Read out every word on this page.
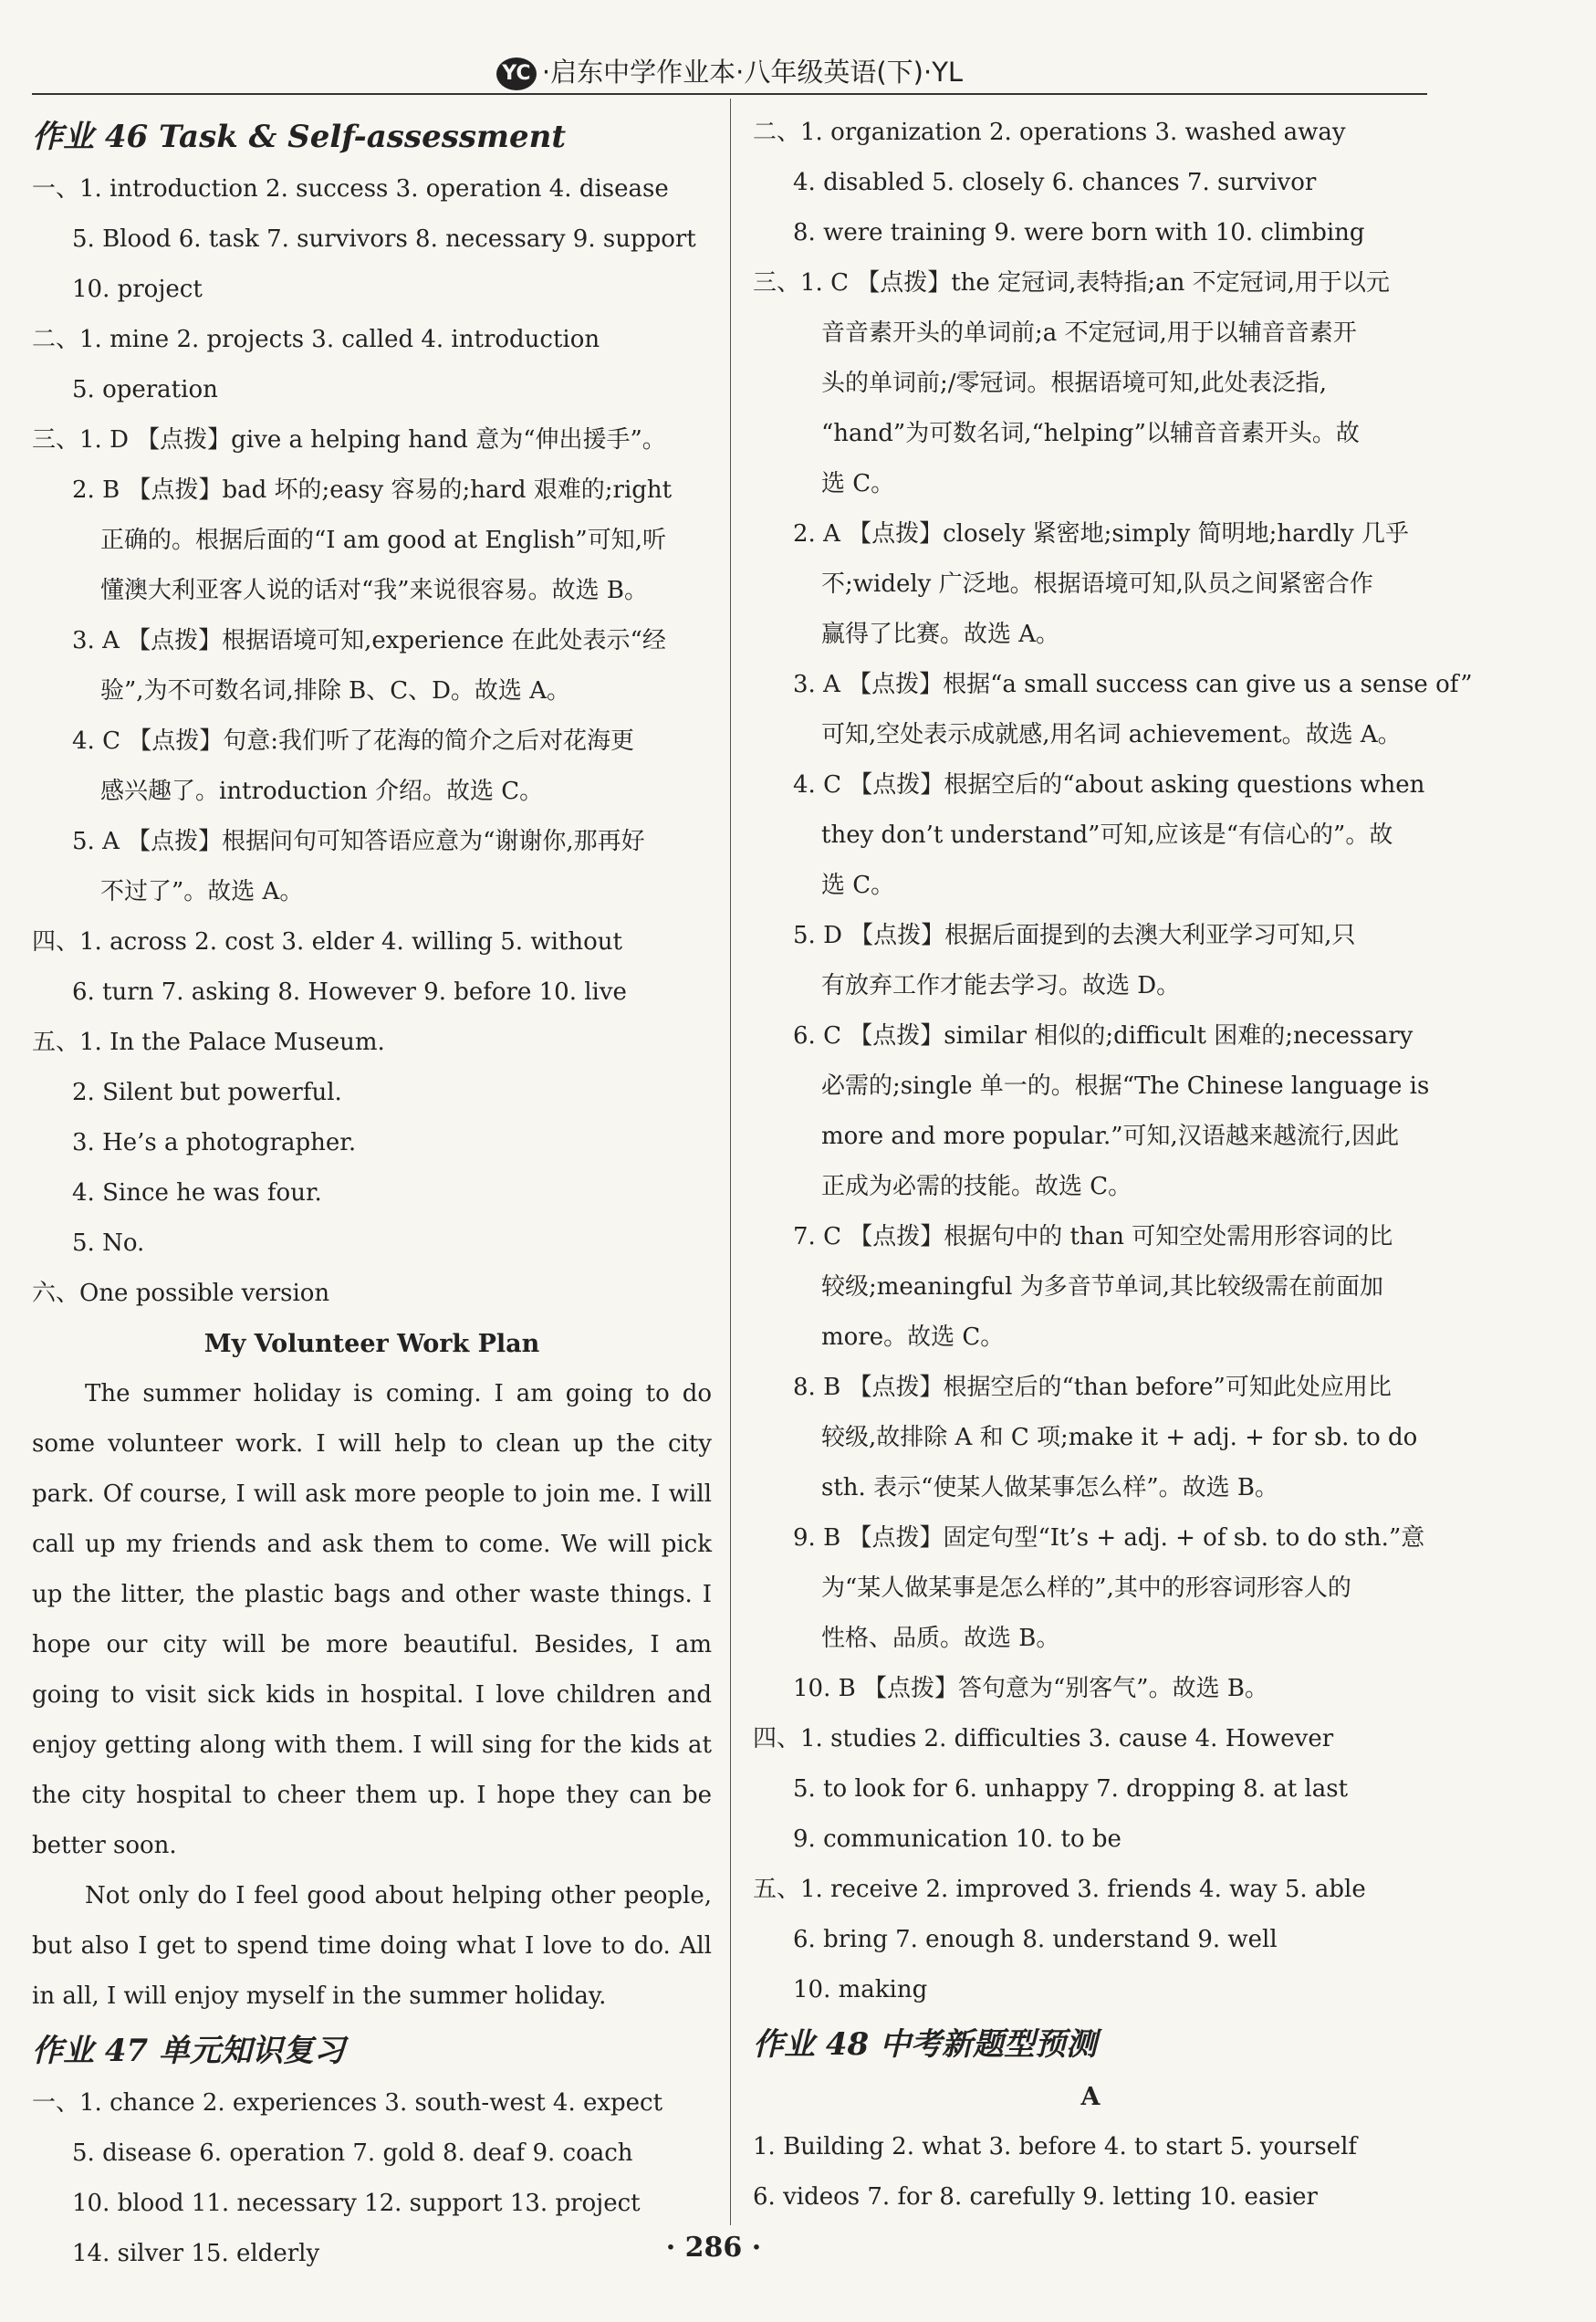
YC ·启东中学作业本·八年级英语(下)·YL
作业 46 Task & Self-assessment
一、1. introduction 2. success 3. operation 4. disease
5. Blood 6. task 7. survivors 8. necessary 9. support
10. project
二、1. mine 2. projects 3. called 4. introduction
5. operation
三、1. D 【点拨】give a helping hand 意为“伸出援手”。
2. B 【点拨】bad 坏的;easy 容易的;hard 艰难的;right
正确的。根据后面的“I am good at English”可知,听
懂澳大利亚客人说的话对“我”来说很容易。故选 B。
3. A 【点拨】根据语境可知,experience 在此处表示“经
验”,为不可数名词,排除 B、C、D。故选 A。
4. C 【点拨】句意:我们听了花海的简介之后对花海更
感兴趣了。introduction 介绍。故选 C。
5. A 【点拨】根据问句可知答语应意为“谢谢你,那再好
不过了”。故选 A。
四、1. across 2. cost 3. elder 4. willing 5. without
6. turn 7. asking 8. However 9. before 10. live
五、1. In the Palace Museum.
2. Silent but powerful.
3. He’s a photographer.
4. Since he was four.
5. No.
六、One possible version
My Volunteer Work Plan
The summer holiday is coming. I am going to do some volunteer work. I will help to clean up the city park. Of course, I will ask more people to join me. I will call up my friends and ask them to come. We will pick up the litter, the plastic bags and other waste things. I hope our city will be more beautiful. Besides, I am going to visit sick kids in hospital. I love children and enjoy getting along with them. I will sing for the kids at the city hospital to cheer them up. I hope they can be better soon.
Not only do I feel good about helping other people, but also I get to spend time doing what I love to do. All in all, I will enjoy myself in the summer holiday.
作业 47 单元知识复习
一、1. chance 2. experiences 3. south-west 4. expect
5. disease 6. operation 7. gold 8. deaf 9. coach
10. blood 11. necessary 12. support 13. project
14. silver 15. elderly
二、1. organization 2. operations 3. washed away
4. disabled 5. closely 6. chances 7. survivor
8. were training 9. were born with 10. climbing
三、1. C 【点拨】the 定冠词,表特指;an 不定冠词,用于以元
音音素开头的单词前;a 不定冠词,用于以辅音音素开
头的单词前;/零冠词。根据语境可知,此处表泛指,
“hand”为可数名词,“helping”以辅音音素开头。故
选 C。
2. A 【点拨】closely 紧密地;simply 简明地;hardly 几乎
不;widely 广泛地。根据语境可知,队员之间紧密合作
赢得了比赛。故选 A。
3. A 【点拨】根据“a small success can give us a sense of”
可知,空处表示成就感,用名词 achievement。故选 A。
4. C 【点拨】根据空后的“about asking questions when
they don’t understand”可知,应该是“有信心的”。故
选 C。
5. D 【点拨】根据后面提到的去澳大利亚学习可知,只
有放弃工作才能去学习。故选 D。
6. C 【点拨】similar 相似的;difficult 困难的;necessary
必需的;single 单一的。根据“The Chinese language is
more and more popular.”可知,汉语越来越流行,因此
正成为必需的技能。故选 C。
7. C 【点拨】根据句中的 than 可知空处需用形容词的比
较级;meaningful 为多音节单词,其比较级需在前面加
more。故选 C。
8. B 【点拨】根据空后的“than before”可知此处应用比
较级,故排除 A 和 C 项;make it + adj. + for sb. to do
sth. 表示“使某人做某事怎么样”。故选 B。
9. B 【点拨】固定句型“It’s + adj. + of sb. to do sth.”意
为“某人做某事是怎么样的”,其中的形容词形容人的
性格、品质。故选 B。
10. B 【点拨】答句意为“别客气”。故选 B。
四、1. studies 2. difficulties 3. cause 4. However
5. to look for 6. unhappy 7. dropping 8. at last
9. communication 10. to be
五、1. receive 2. improved 3. friends 4. way 5. able
6. bring 7. enough 8. understand 9. well
10. making
作业 48 中考新题型预测
A
1. Building 2. what 3. before 4. to start 5. yourself
6. videos 7. for 8. carefully 9. letting 10. easier
· 286 ·
